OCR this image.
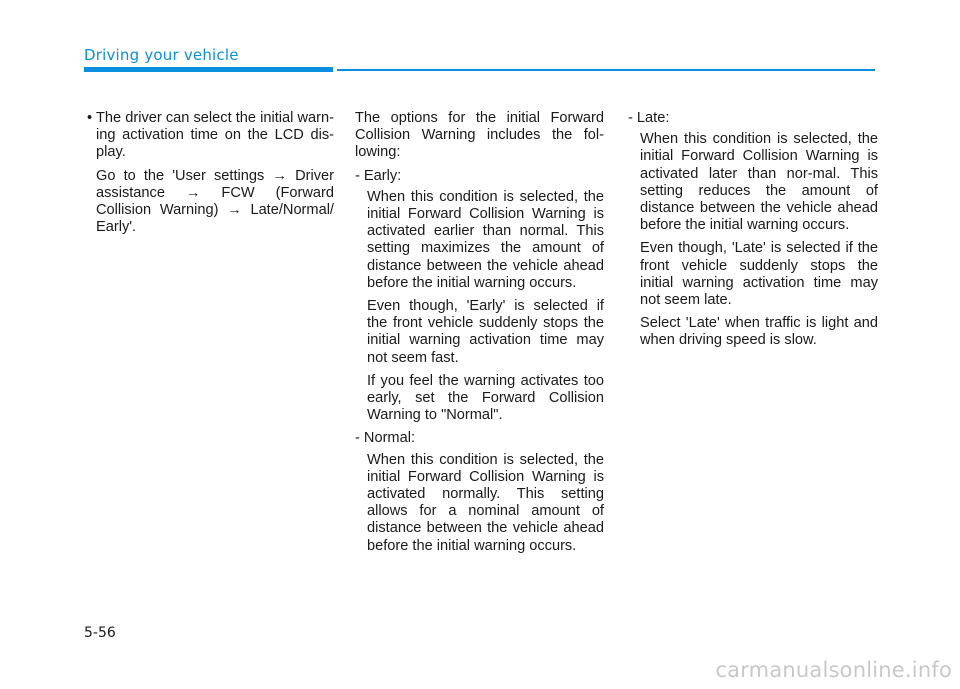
Driving your vehicle
• The driver can select the initial warn-ing activation time on the LCD dis-play.
Go to the 'User settings → Driver assistance → FCW (Forward Collision Warning) → Late/Normal/ Early'.
The options for the initial Forward Collision Warning includes the fol-lowing:
- Early:
When this condition is selected, the initial Forward Collision Warning is activated earlier than normal. This setting maximizes the amount of distance between the vehicle ahead before the initial warning occurs.
Even though, 'Early' is selected if the front vehicle suddenly stops the initial warning activation time may not seem fast.
If you feel the warning activates too early, set the Forward Collision Warning to "Normal".
- Normal:
When this condition is selected, the initial Forward Collision Warning is activated normally. This setting allows for a nominal amount of distance between the vehicle ahead before the initial warning occurs.
- Late:
When this condition is selected, the initial Forward Collision Warning is activated later than nor-mal. This setting reduces the amount of distance between the vehicle ahead before the initial warning occurs.
Even though, 'Late' is selected if the front vehicle suddenly stops the initial warning activation time may not seem late.
Select 'Late' when traffic is light and when driving speed is slow.
5-56
carmanualsonline.info
